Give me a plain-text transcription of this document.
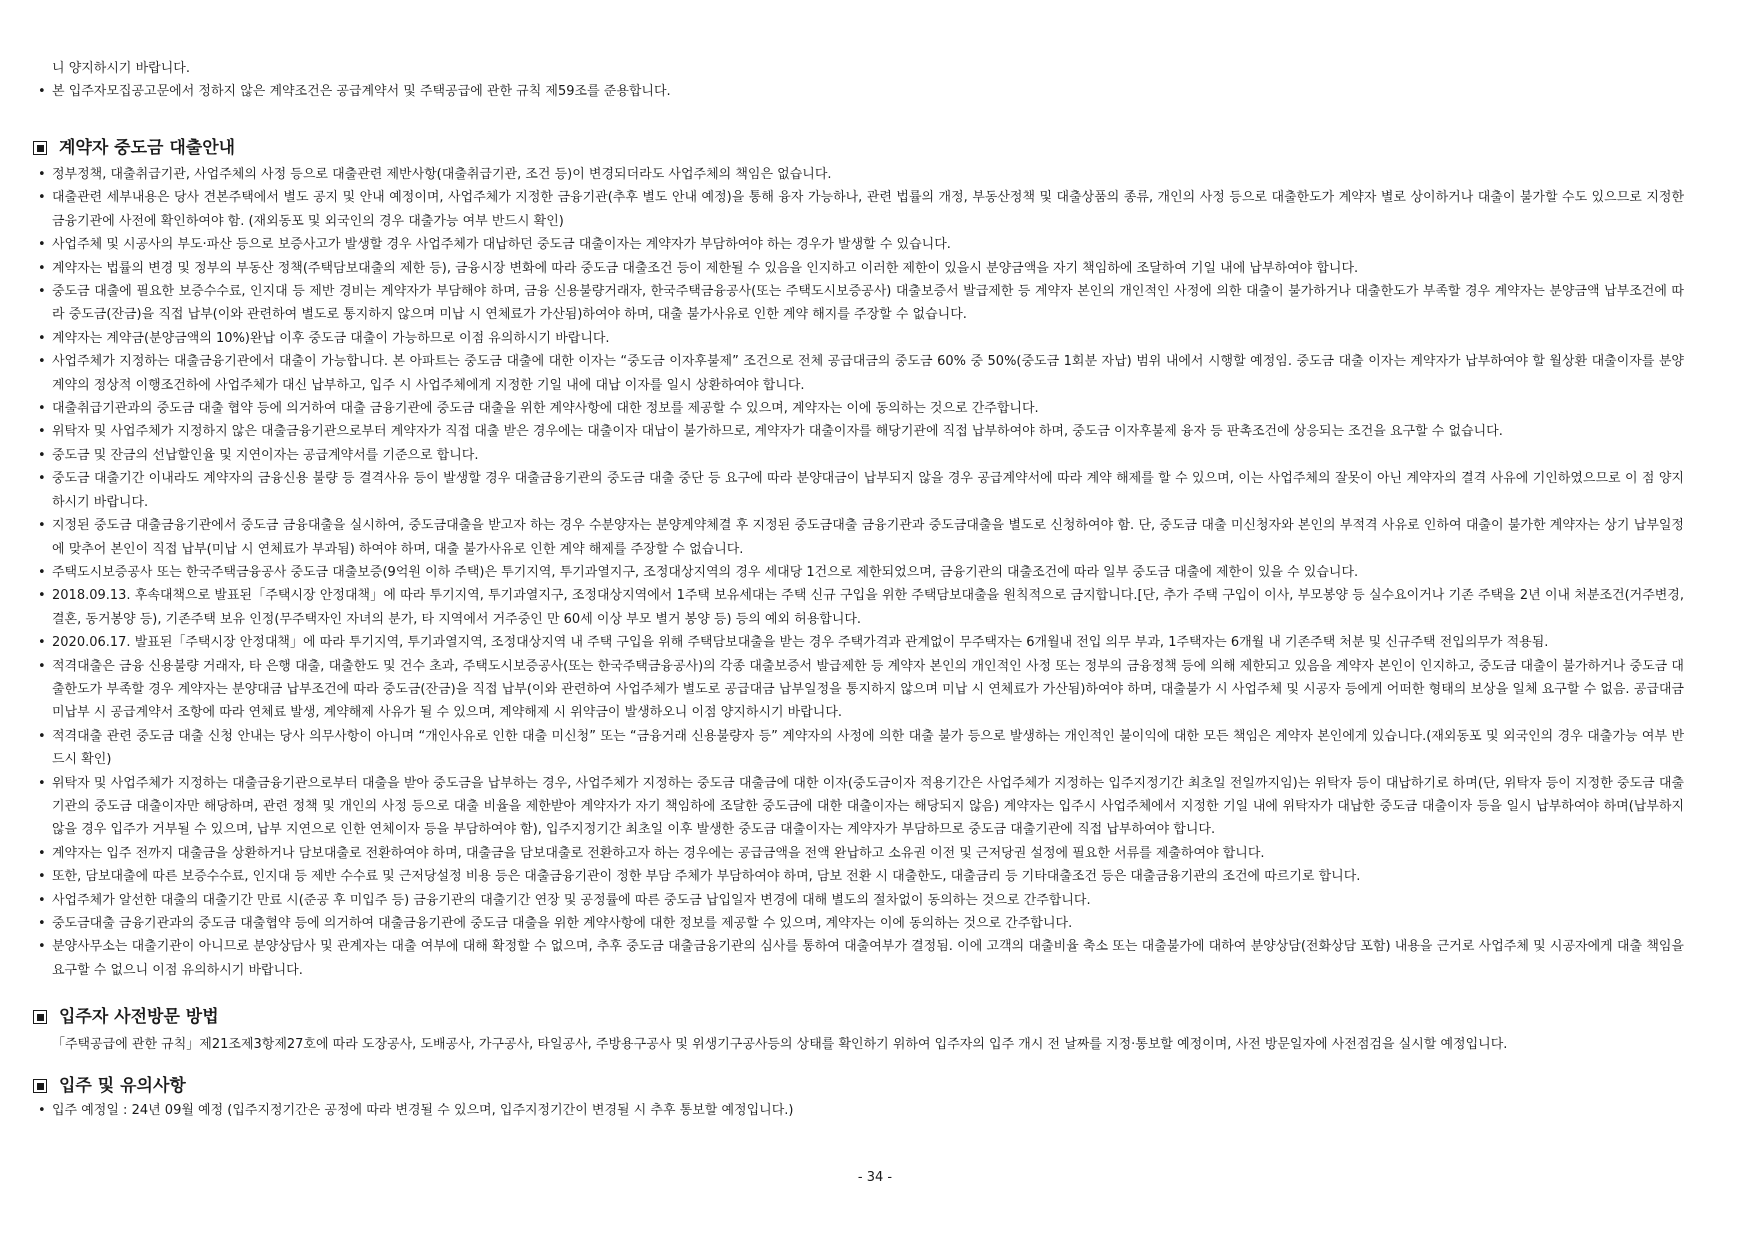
니 양지하시기 바랍니다.

• 본 입주자모집공고문에서 정하지 않은 계약조건은 공급계약서 및 주택공급에 관한 규칙 제59조를 준용합니다.

계약자 중도금 대출안내

• 정부정책, 대출취급기관, 사업주체의 사정 등으로 대출관련 제반사항(대출취급기관, 조건 등)이 변경되더라도 사업주체의 책임은 없습니다.

• 대출관련 세부내용은 당사 견본주택에서 별도 공지 및 안내 예정이며, 사업주체가 지정한 금융기관(추후 별도 안내 예정)을 통해 융자 가능하나, 관련 법률의 개정, 부동산정책 및 대출상품의 종류, 개인의 사정 등으로 대출한도가 계약자 별로 상이하거나 대출이 불가할 수도 있으므로 지정한 금융기관에 사전에 확인하여야 함. (재외동포 및 외국인의 경우 대출가능 여부 반드시 확인)

• 사업주체 및 시공사의 부도·파산 등으로 보증사고가 발생할 경우 사업주체가 대납하던 중도금 대출이자는 계약자가 부담하여야 하는 경우가 발생할 수 있습니다.

• 계약자는 법률의 변경 및 정부의 부동산 정책(주택담보대출의 제한 등), 금융시장 변화에 따라 중도금 대출조건 등이 제한될 수 있음을 인지하고 이러한 제한이 있을시 분양금액을 자기 책임하에 조달하여 기일 내에 납부하여야 합니다.

• 중도금 대출에 필요한 보증수수료, 인지대 등 제반 경비는 계약자가 부담해야 하며, 금융 신용불량거래자, 한국주택금융공사(또는 주택도시보증공사) 대출보증서 발급제한 등 계약자 본인의 개인적인 사정에 의한 대출이 불가하거나 대출한도가 부족할 경우 계약자는 분양금액 납부조건에 따라 중도금(잔금)을 직접 납부(이와 관련하여 별도로 통지하지 않으며 미납 시 연체료가 가산됨)하여야 하며, 대출 불가사유로 인한 계약 해지를 주장할 수 없습니다.

• 계약자는 계약금(분양금액의 10%)완납 이후 중도금 대출이 가능하므로 이점 유의하시기 바랍니다.

• 사업주체가 지정하는 대출금융기관에서 대출이 가능합니다. 본 아파트는 중도금 대출에 대한 이자는 “중도금 이자후불제” 조건으로 전체 공급대금의 중도금 60% 중 50%(중도금 1회분 자납) 범위 내에서 시행할 예정임. 중도금 대출 이자는 계약자가 납부하여야 할 월상환 대출이자를 분양계약의 정상적 이행조건하에 사업주체가 대신 납부하고, 입주 시 사업주체에게 지정한 기일 내에 대납 이자를 일시 상환하여야 합니다.

• 대출취급기관과의 중도금 대출 협약 등에 의거하여 대출 금융기관에 중도금 대출을 위한 계약사항에 대한 정보를 제공할 수 있으며, 계약자는 이에 동의하는 것으로 간주합니다.

• 위탁자 및 사업주체가 지정하지 않은 대출금융기관으로부터 계약자가 직접 대출 받은 경우에는 대출이자 대납이 불가하므로, 계약자가 대출이자를 해당기관에 직접 납부하여야 하며, 중도금 이자후불제 융자 등 판촉조건에 상응되는 조건을 요구할 수 없습니다.

• 중도금 및 잔금의 선납할인율 및 지연이자는 공급계약서를 기준으로 합니다.

• 중도금 대출기간 이내라도 계약자의 금융신용 불량 등 결격사유 등이 발생할 경우 대출금융기관의 중도금 대출 중단 등 요구에 따라 분양대금이 납부되지 않을 경우 공급계약서에 따라 계약 해제를 할 수 있으며, 이는 사업주체의 잘못이 아닌 계약자의 결격 사유에 기인하였으므로 이 점 양지하시기 바랍니다.

• 지정된 중도금 대출금융기관에서 중도금 금융대출을 실시하여, 중도금대출을 받고자 하는 경우 수분양자는 분양계약체결 후 지정된 중도금대출 금융기관과 중도금대출을 별도로 신청하여야 함. 단, 중도금 대출 미신청자와 본인의 부적격 사유로 인하여 대출이 불가한 계약자는 상기 납부일정에 맞추어 본인이 직접 납부(미납 시 연체료가 부과됨) 하여야 하며, 대출 불가사유로 인한 계약 해제를 주장할 수 없습니다.

• 주택도시보증공사 또는 한국주택금융공사 중도금 대출보증(9억원 이하 주택)은 투기지역, 투기과열지구, 조정대상지역의 경우 세대당 1건으로 제한되었으며, 금융기관의 대출조건에 따라 일부 중도금 대출에 제한이 있을 수 있습니다.

• 2018.09.13. 후속대책으로 발표된「주택시장 안정대책」에 따라 투기지역, 투기과열지구, 조정대상지역에서 1주택 보유세대는 주택 신규 구입을 위한 주택담보대출을 원칙적으로 금지합니다.[단, 추가 주택 구입이 이사, 부모봉양 등 실수요이거나 기존 주택을 2년 이내 처분조건(거주변경, 결혼, 동거봉양 등), 기존주택 보유 인정(무주택자인 자녀의 분가, 타 지역에서 거주중인 만 60세 이상 부모 별거 봉양 등) 등의 예외 허용합니다.

• 2020.06.17. 발표된「주택시장 안정대책」에 따라 투기지역, 투기과열지역, 조정대상지역 내 주택 구입을 위해 주택담보대출을 받는 경우 주택가격과 관계없이 무주택자는 6개월내 전입 의무 부과, 1주택자는 6개월 내 기존주택 처분 및 신규주택 전입의무가 적용됨.

• 적격대출은 금융 신용불량 거래자, 타 은행 대출, 대출한도 및 건수 초과, 주택도시보증공사(또는 한국주택금융공사)의 각종 대출보증서 발급제한 등 계약자 본인의 개인적인 사정 또는 정부의 금융정책 등에 의해 제한되고 있음을 계약자 본인이 인지하고, 중도금 대출이 불가하거나 중도금 대출한도가 부족할 경우 계약자는 분양대금 납부조건에 따라 중도금(잔금)을 직접 납부(이와 관련하여 사업주체가 별도로 공급대금 납부일정을 통지하지 않으며 미납 시 연체료가 가산됨)하여야 하며, 대출불가 시 사업주체 및 시공자 등에게 어떠한 형태의 보상을 일체 요구할 수 없음. 공급대금 미납부 시 공급계약서 조항에 따라 연체료 발생, 계약해제 사유가 될 수 있으며, 계약해제 시 위약금이 발생하오니 이점 양지하시기 바랍니다.

• 적격대출 관련 중도금 대출 신청 안내는 당사 의무사항이 아니며 “개인사유로 인한 대출 미신청” 또는 “금융거래 신용불량자 등” 계약자의 사정에 의한 대출 불가 등으로 발생하는 개인적인 불이익에 대한 모든 책임은 계약자 본인에게 있습니다.(재외동포 및 외국인의 경우 대출가능 여부 반드시 확인)

• 위탁자 및 사업주체가 지정하는 대출금융기관으로부터 대출을 받아 중도금을 납부하는 경우, 사업주체가 지정하는 중도금 대출금에 대한 이자(중도금이자 적용기간은 사업주체가 지정하는 입주지정기간 최초일 전일까지임)는 위탁자 등이 대납하기로 하며(단, 위탁자 등이 지정한 중도금 대출기관의 중도금 대출이자만 해당하며, 관련 정책 및 개인의 사정 등으로 대출 비율을 제한받아 계약자가 자기 책임하에 조달한 중도금에 대한 대출이자는 해당되지 않음) 계약자는 입주시 사업주체에서 지정한 기일 내에 위탁자가 대납한 중도금 대출이자 등을 일시 납부하여야 하며(납부하지 않을 경우 입주가 거부될 수 있으며, 납부 지연으로 인한 연체이자 등을 부담하여야 함), 입주지정기간 최초일 이후 발생한 중도금 대출이자는 계약자가 부담하므로 중도금 대출기관에 직접 납부하여야 합니다.

• 계약자는 입주 전까지 대출금을 상환하거나 담보대출로 전환하여야 하며, 대출금을 담보대출로 전환하고자 하는 경우에는 공급금액을 전액 완납하고 소유권 이전 및 근저당권 설정에 필요한 서류를 제출하여야 합니다.

• 또한, 담보대출에 따른 보증수수료, 인지대 등 제반 수수료 및 근저당설정 비용 등은 대출금융기관이 정한 부담 주체가 부담하여야 하며, 담보 전환 시 대출한도, 대출금리 등 기타대출조건 등은 대출금융기관의 조건에 따르기로 합니다.

• 사업주체가 알선한 대출의 대출기간 만료 시(준공 후 미입주 등) 금융기관의 대출기간 연장 및 공정률에 따른 중도금 납입일자 변경에 대해 별도의 절차없이 동의하는 것으로 간주합니다.

• 중도금대출 금융기관과의 중도금 대출협약 등에 의거하여 대출금융기관에 중도금 대출을 위한 계약사항에 대한 정보를 제공할 수 있으며, 계약자는 이에 동의하는 것으로 간주합니다.

• 분양사무소는 대출기관이 아니므로 분양상담사 및 관계자는 대출 여부에 대해 확정할 수 없으며, 추후 중도금 대출금융기관의 심사를 통하여 대출여부가 결정됨. 이에 고객의 대출비율 축소 또는 대출불가에 대하여 분양상담(전화상담 포함) 내용을 근거로 사업주체 및 시공자에게 대출 책임을 요구할 수 없으니 이점 유의하시기 바랍니다.

입주자 사전방문 방법

「주택공급에 관한 규칙」제21조제3항제27호에 따라 도장공사, 도배공사, 가구공사, 타일공사, 주방용구공사 및 위생기구공사등의 상태를 확인하기 위하여 입주자의 입주 개시 전 날짜를 지정·통보할 예정이며, 사전 방문일자에 사전점검을 실시할 예정입니다.

입주 및 유의사항

• 입주 예정일 : 24년 09월 예정 (입주지정기간은 공정에 따라 변경될 수 있으며, 입주지정기간이 변경될 시 추후 통보할 예정입니다.)

- 34 -
